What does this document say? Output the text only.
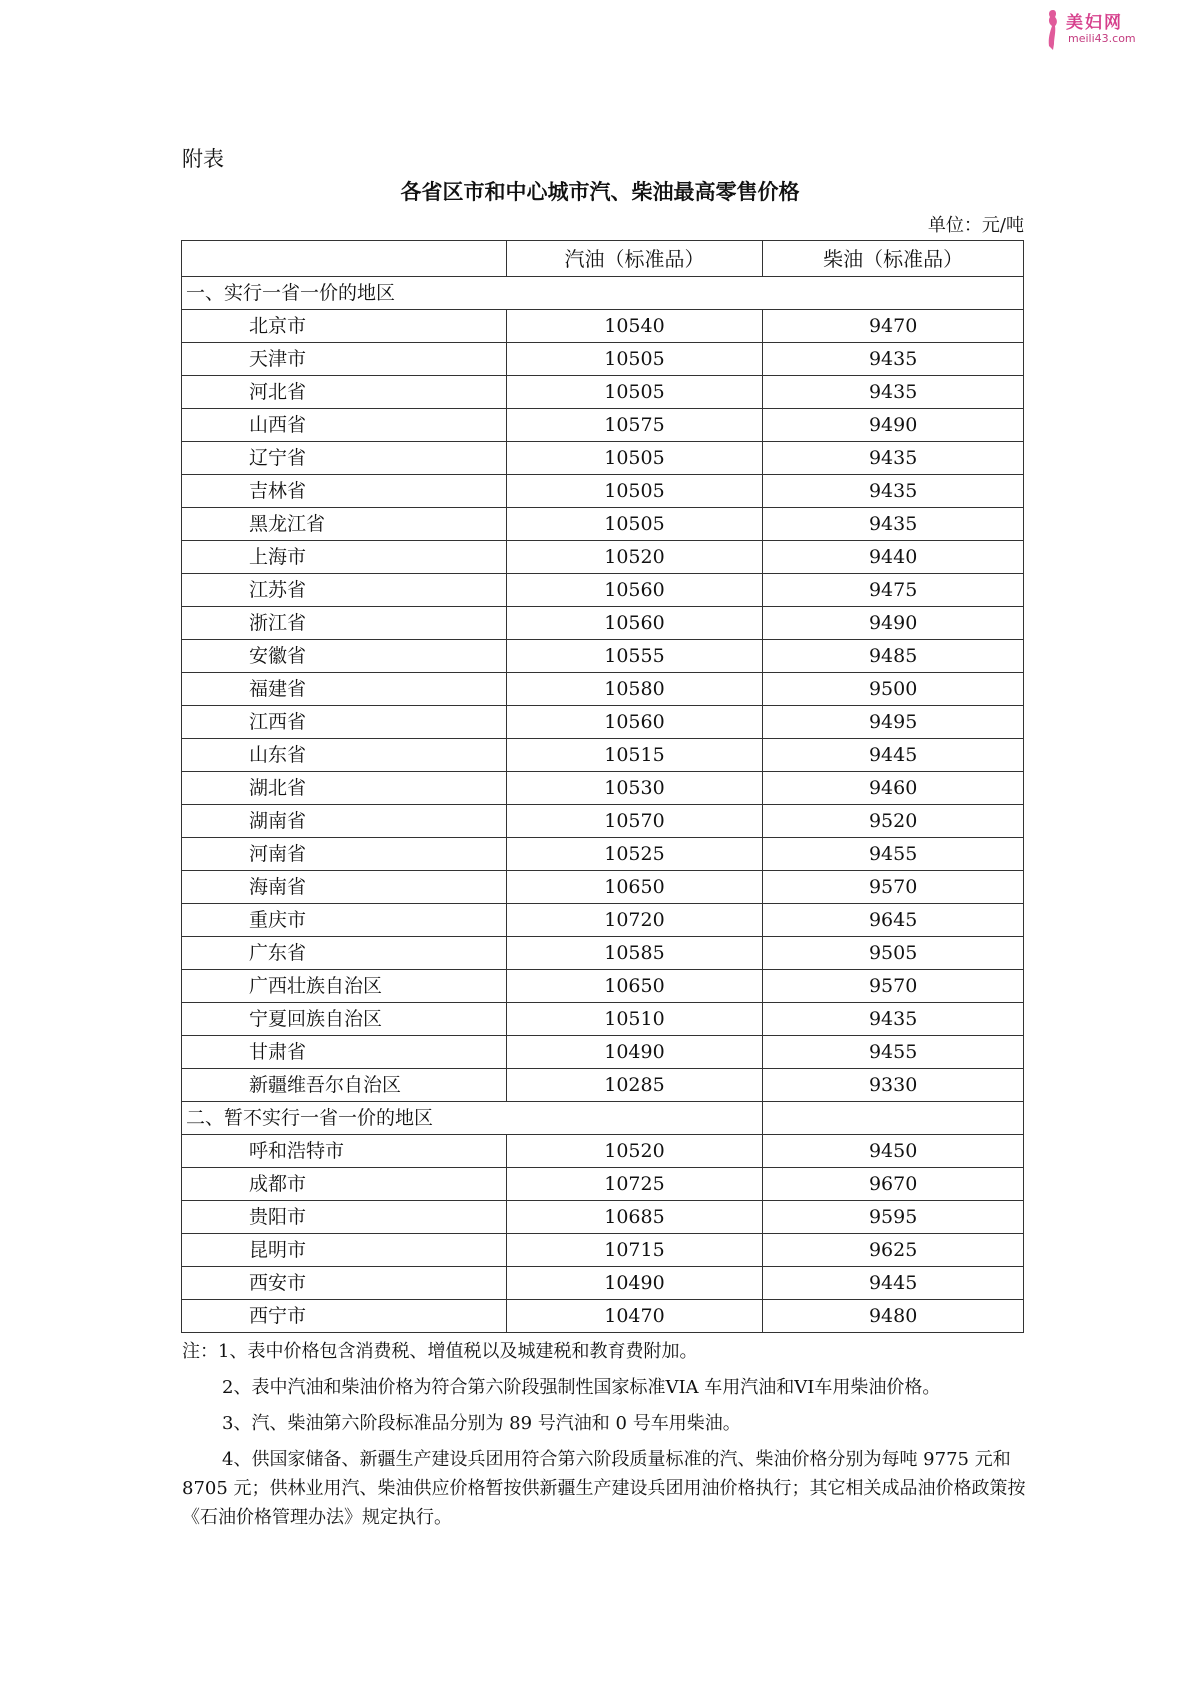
美妇网
meili43.com
附表
各省区市和中心城市汽、柴油最高零售价格
单位：元/吨
	汽油（标准品）	柴油（标准品）
一、实行一省一价的地区		
北京市	10540	9470
天津市	10505	9435
河北省	10505	9435
山西省	10575	9490
辽宁省	10505	9435
吉林省	10505	9435
黑龙江省	10505	9435
上海市	10520	9440
江苏省	10560	9475
浙江省	10560	9490
安徽省	10555	9485
福建省	10580	9500
江西省	10560	9495
山东省	10515	9445
湖北省	10530	9460
湖南省	10570	9520
河南省	10525	9455
海南省	10650	9570
重庆市	10720	9645
广东省	10585	9505
广西壮族自治区	10650	9570
宁夏回族自治区	10510	9435
甘肃省	10490	9455
新疆维吾尔自治区	10285	9330
二、暂不实行一省一价的地区		
呼和浩特市	10520	9450
成都市	10725	9670
贵阳市	10685	9595
昆明市	10715	9625
西安市	10490	9445
西宁市	10470	9480

注：1、表中价格包含消费税、增值税以及城建税和教育费附加。

2、表中汽油和柴油价格为符合第六阶段强制性国家标准VIA 车用汽油和VI车用柴油价格。

3、汽、柴油第六阶段标准品分别为 89 号汽油和 0 号车用柴油。

4、供国家储备、新疆生产建设兵团用符合第六阶段质量标准的汽、柴油价格分别为每吨 9775 元和 8705 元；供林业用汽、柴油供应价格暂按供新疆生产建设兵团用油价格执行；其它相关成品油价格政策按《石油价格管理办法》规定执行。
